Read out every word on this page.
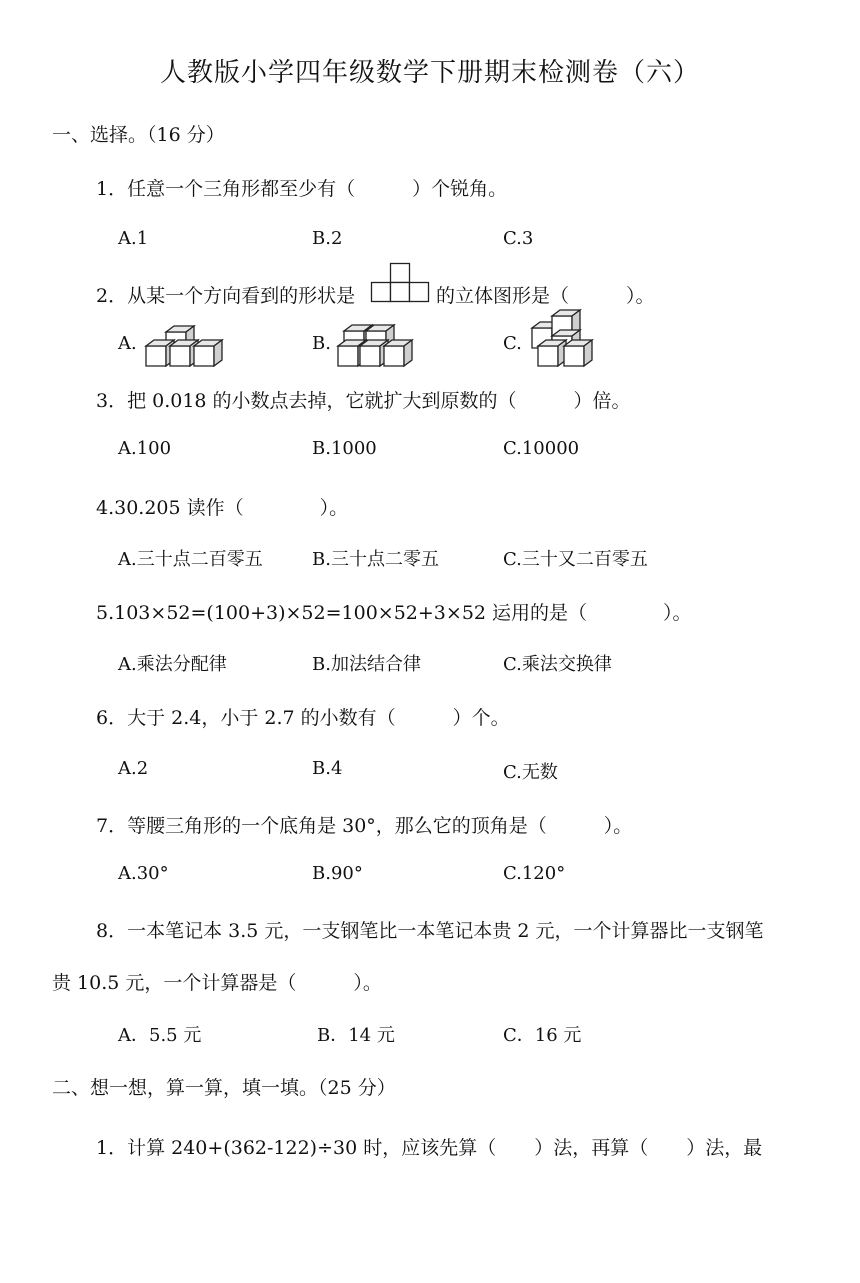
人教版小学四年级数学下册期末检测卷（六）
一、选择。（16 分）
1．任意一个三角形都至少有（　　　）个锐角。
A.1	B.2	C.3
2．从某一个方向看到的形状是	的立体图形是（　　　）。
A.	B.	C.
3．把 0.018 的小数点去掉，它就扩大到原数的（　　　）倍。
A.100	B.1000	C.10000
4.30.205 读作（　　　　）。
A.三十点二百零五	B.三十点二零五	C.三十又二百零五
5.103×52=(100+3)×52=100×52+3×52 运用的是（　　　　）。
A.乘法分配律	B.加法结合律	C.乘法交换律
6．大于 2.4，小于 2.7 的小数有（　　　）个。
A.2	B.4	C.无数
7．等腰三角形的一个底角是 30°，那么它的顶角是（　　　）。
A.30°	B.90°	C.120°
8．一本笔记本 3.5 元，一支钢笔比一本笔记本贵 2 元，一个计算器比一支钢笔
贵 10.5 元，一个计算器是（　　　）。
A．5.5 元	B．14 元	C．16 元
二、想一想，算一算，填一填。（25 分）
1．计算 240+(362-122)÷30 时，应该先算（　　）法，再算（　　）法，最
